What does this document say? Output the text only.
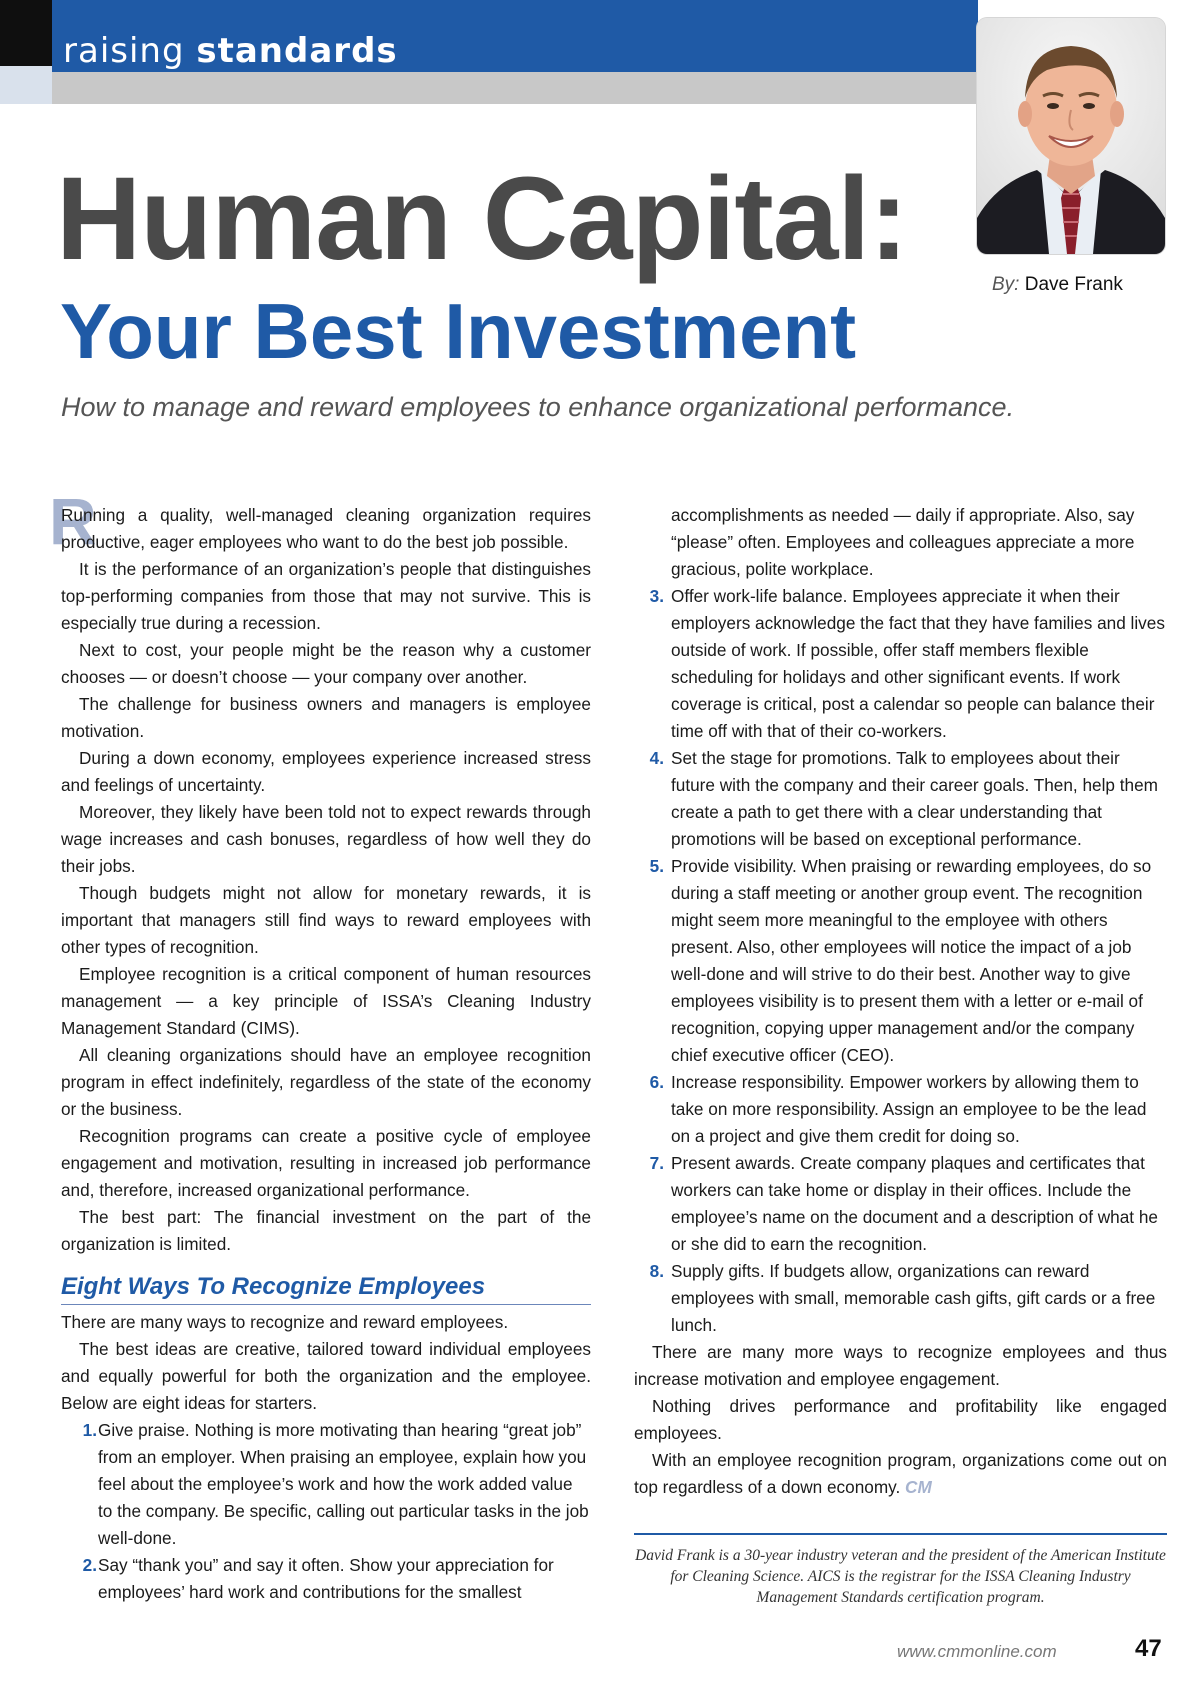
raising standards
By: Dave Frank
Human Capital:
Your Best Investment
How to manage and reward employees to enhance organizational performance.

R
Running a quality, well-managed cleaning organization requires productive, eager employees who want to do the best job possible.

It is the performance of an organization’s people that distinguishes top-performing companies from those that may not survive. This is especially true during a recession.

Next to cost, your people might be the reason why a customer chooses — or doesn’t choose — your company over another.

The challenge for business owners and managers is employee motivation.

During a down economy, employees experience increased stress and feelings of uncertainty.

Moreover, they likely have been told not to expect rewards through wage increases and cash bonuses, regardless of how well they do their jobs.

Though budgets might not allow for monetary rewards, it is important that managers still find ways to reward employees with other types of recognition.

Employee recognition is a critical component of human resources management — a key principle of ISSA’s Cleaning Industry Management Standard (CIMS).

All cleaning organizations should have an employee recognition program in effect indefinitely, regardless of the state of the economy or the business.

Recognition programs can create a positive cycle of employee engagement and motivation, resulting in increased job performance and, therefore, increased organizational performance.

The best part: The financial investment on the part of the organization is limited.

Eight Ways To Recognize Employees

There are many ways to recognize and reward employees.

The best ideas are creative, tailored toward individual employees and equally powerful for both the organization and the employee. Below are eight ideas for starters.

1. Give praise. Nothing is more motivating than hearing “great job” from an employer. When praising an employee, explain how you feel about the employee’s work and how the work added value to the company. Be specific, calling out particular tasks in the job well-done.
2. Say “thank you” and say it often. Show your appreciation for employees’ hard work and contributions for the smallest
accomplishments as needed — daily if appropriate. Also, say “please” often. Employees and colleagues appreciate a more gracious, polite workplace.
3. Offer work-life balance. Employees appreciate it when their employers acknowledge the fact that they have families and lives outside of work. If possible, offer staff members flexible scheduling for holidays and other significant events. If work coverage is critical, post a calendar so people can balance their time off with that of their co-workers.
4. Set the stage for promotions. Talk to employees about their future with the company and their career goals. Then, help them create a path to get there with a clear understanding that promotions will be based on exceptional performance.
5. Provide visibility. When praising or rewarding employees, do so during a staff meeting or another group event. The recognition might seem more meaningful to the employee with others present. Also, other employees will notice the impact of a job well-done and will strive to do their best. Another way to give employees visibility is to present them with a letter or e-mail of recognition, copying upper management and/or the company chief executive officer (CEO).
6. Increase responsibility. Empower workers by allowing them to take on more responsibility. Assign an employee to be the lead on a project and give them credit for doing so.
7. Present awards. Create company plaques and certificates that workers can take home or display in their offices. Include the employee’s name on the document and a description of what he or she did to earn the recognition.
8. Supply gifts. If budgets allow, organizations can reward employees with small, memorable cash gifts, gift cards or a free lunch.

There are many more ways to recognize employees and thus increase motivation and employee engagement.

Nothing drives performance and profitability like engaged employees.

With an employee recognition program, organizations come out on top regardless of a down economy. CM

David Frank is a 30-year industry veteran and the president of the American Institute for Cleaning Science. AICS is the registrar for the ISSA Cleaning Industry Management Standards certification program.
www.cmmonline.com	47
